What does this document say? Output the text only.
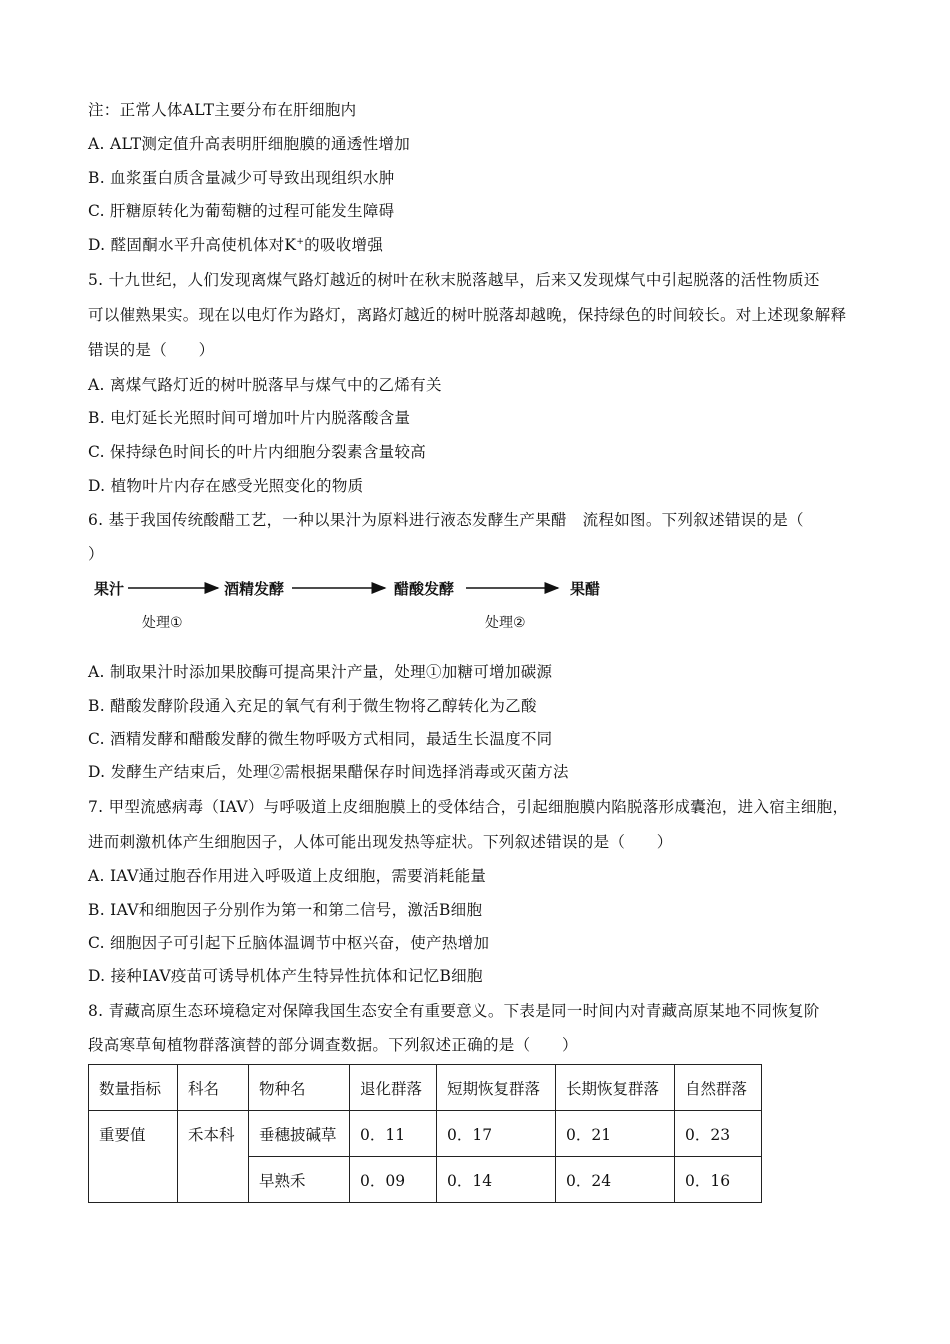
注：正常人体ALT主要分布在肝细胞内
A. ALT测定值升高表明肝细胞膜的通透性增加
B. 血浆蛋白质含量减少可导致出现组织水肿
C. 肝糖原转化为葡萄糖的过程可能发生障碍
D. 醛固酮水平升高使机体对K+的吸收增强
5. 十九世纪，人们发现离煤气路灯越近的树叶在秋末脱落越早，后来又发现煤气中引起脱落的活性物质还
可以催熟果实。现在以电灯作为路灯，离路灯越近的树叶脱落却越晚，保持绿色的时间较长。对上述现象解释
错误的是（　　）
A. 离煤气路灯近的树叶脱落早与煤气中的乙烯有关
B. 电灯延长光照时间可增加叶片内脱落酸含量
C. 保持绿色时间长的叶片内细胞分裂素含量较高
D. 植物叶片内存在感受光照变化的物质
6. 基于我国传统酸醋工艺，一种以果汁为原料进行液态发酵生产果醋　流程如图。下列叙述错误的是（
）
果汁	酒精发酵	醋酸发酵	果醋
处理①	处理②
A. 制取果汁时添加果胶酶可提高果汁产量，处理①加糖可增加碳源
B. 醋酸发酵阶段通入充足的氧气有利于微生物将乙醇转化为乙酸
C. 酒精发酵和醋酸发酵的微生物呼吸方式相同，最适生长温度不同
D. 发酵生产结束后，处理②需根据果醋保存时间选择消毒或灭菌方法
7. 甲型流感病毒（IAV）与呼吸道上皮细胞膜上的受体结合，引起细胞膜内陷脱落形成囊泡，进入宿主细胞，
进而刺激机体产生细胞因子，人体可能出现发热等症状。下列叙述错误的是（　　）
A. IAV通过胞吞作用进入呼吸道上皮细胞，需要消耗能量
B. IAV和细胞因子分别作为第一和第二信号，激活B细胞
C. 细胞因子可引起下丘脑体温调节中枢兴奋，使产热增加
D. 接种IAV疫苗可诱导机体产生特异性抗体和记忆B细胞
8. 青藏高原生态环境稳定对保障我国生态安全有重要意义。下表是同一时间内对青藏高原某地不同恢复阶
段高寒草甸植物群落演替的部分调查数据。下列叙述正确的是（　　）
数量指标	科名	物种名	退化群落	短期恢复群落	长期恢复群落	自然群落
重要值	禾本科	垂穗披碱草	0．11	0．17	0．21	0．23
		早熟禾	0．09	0．14	0．24	0．16
